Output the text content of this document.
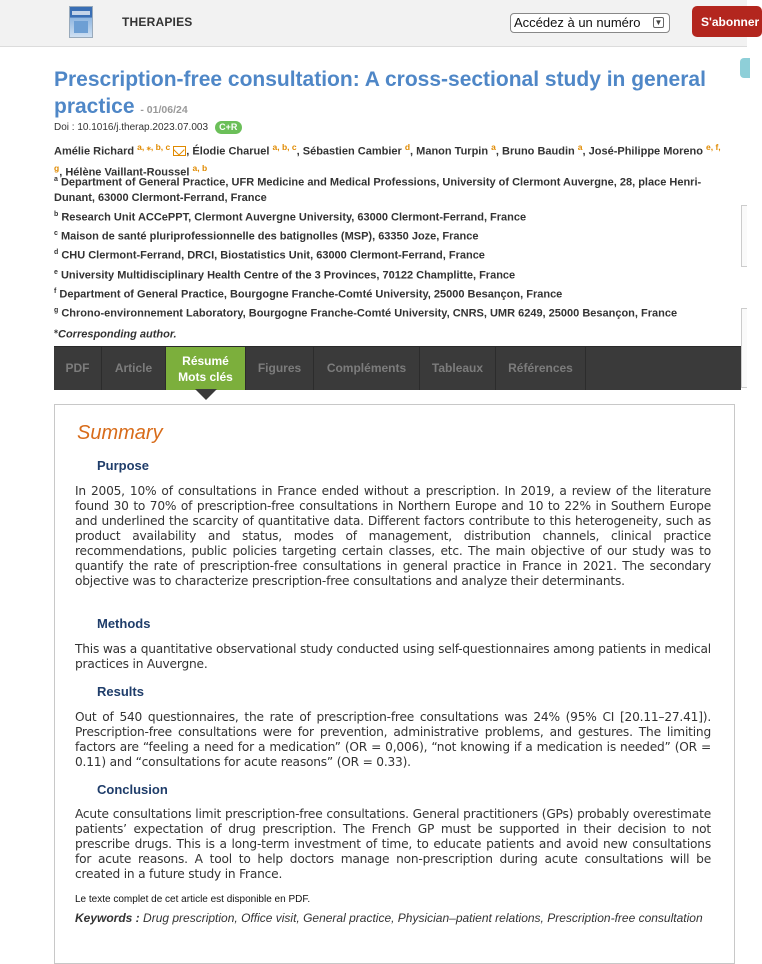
THERAPIES	Accédez à un numéro ▼	S'abonner
Prescription-free consultation: A cross-sectional study in general practice - 01/06/24
Doi : 10.1016/j.therap.2023.07.003 C+R
Amélie Richard $^{a, ⁎, b, c}$ , Élodie Charuel $^{a, b, c}$, Sébastien Cambier $^d$, Manon Turpin $^a$, Bruno Baudin $^a$, José-Philippe Moreno $^{e, f, g}$, Hélène Vaillant-Roussel $^{a, b}$
$^a$ Department of General Practice, UFR Medicine and Medical Professions, University of Clermont Auvergne, 28, place Henri-Dunant, 63000 Clermont-Ferrand, France
$^b$ Research Unit ACCePPT, Clermont Auvergne University, 63000 Clermont-Ferrand, France
$^c$ Maison de santé pluriprofessionnelle des batignolles (MSP), 63350 Joze, France
$^d$ CHU Clermont-Ferrand, DRCI, Biostatistics Unit, 63000 Clermont-Ferrand, France
$^e$ University Multidisciplinary Health Centre of the 3 Provinces, 70122 Champlitte, France
$^f$ Department of General Practice, Bourgogne Franche-Comté University, 25000 Besançon, France
$^g$ Chrono-environnement Laboratory, Bourgogne Franche-Comté University, CNRS, UMR 6249, 25000 Besançon, France
⁎Corresponding author.
PDF	Article	Résumé
Mots clés
Figures	Compléments	Tableaux	Références
Summary
Purpose
In 2005, 10% of consultations in France ended without a prescription. In 2019, a review of the literature found 30 to 70% of prescription-free consultations in Northern Europe and 10 to 22% in Southern Europe and underlined the scarcity of quantitative data. Different factors contribute to this heterogeneity, such as product availability and status, modes of management, distribution channels, clinical practice recommendations, public policies targeting certain classes, etc. The main objective of our study was to quantify the rate of prescription-free consultations in general practice in France in 2021. The secondary objective was to characterize prescription-free consultations and analyze their determinants.
Methods
This was a quantitative observational study conducted using self-questionnaires among patients in medical practices in Auvergne.
Results
Out of 540 questionnaires, the rate of prescription-free consultations was 24% (95% CI [20.11–27.41]). Prescription-free consultations were for prevention, administrative problems, and gestures. The limiting factors are “feeling a need for a medication” (OR = 0,006), “not knowing if a medication is needed” (OR = 0.11) and “consultations for acute reasons” (OR = 0.33).
Conclusion
Acute consultations limit prescription-free consultations. General practitioners (GPs) probably overestimate patients’ expectation of drug prescription. The French GP must be supported in their decision to not prescribe drugs. This is a long-term investment of time, to educate patients and avoid new consultations for acute reasons. A tool to help doctors manage non-prescription during acute consultations will be created in a future study in France.
Le texte complet de cet article est disponible en PDF.
Keywords : Drug prescription, Office visit, General practice, Physician–patient relations, Prescription-free consultation
